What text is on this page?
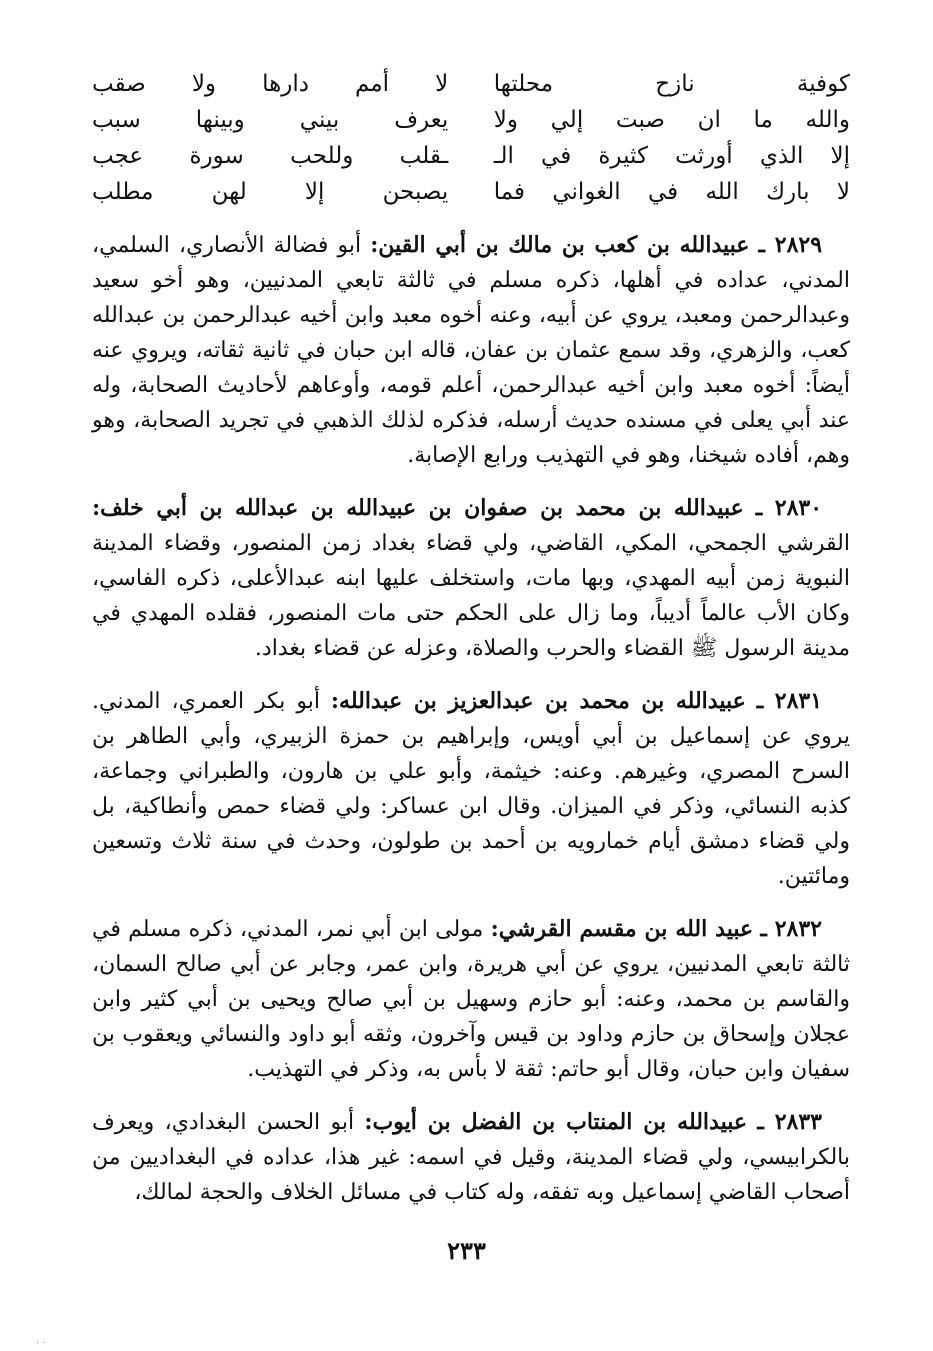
كوفية نازح محلتها
لا أمم دارها ولا صقب
والله ما ان صبت إلي ولا
يعرف بيني وبينها سبب
إلا الذي أورثت كثيرة في الـ
ـقلب وللحب سورة عجب
لا بارك الله في الغواني فما
يصبحن إلا لهن مطلب

٢٨٢٩ ـ عبيدالله بن كعب بن مالك بن أبي القين: أبو فضالة الأنصاري، السلمي، المدني، عداده في أهلها، ذكره مسلم في ثالثة تابعي المدنيين، وهو أخو سعيد وعبدالرحمن ومعبد، يروي عن أبيه، وعنه أخوه معبد وابن أخيه عبدالرحمن بن عبدالله كعب، والزهري، وقد سمع عثمان بن عفان، قاله ابن حبان في ثانية ثقاته، ويروي عنه أيضاً: أخوه معبد وابن أخيه عبدالرحمن، أعلم قومه، وأوعاهم لأحاديث الصحابة، وله عند أبي يعلى في مسنده حديث أرسله، فذكره لذلك الذهبي في تجريد الصحابة، وهو وهم، أفاده شيخنا، وهو في التهذيب ورابع الإصابة.

٢٨٣٠ ـ عبيدالله بن محمد بن صفوان بن عبيدالله بن عبدالله بن أبي خلف: القرشي الجمحي، المكي، القاضي، ولي قضاء بغداد زمن المنصور، وقضاء المدينة النبوية زمن أبيه المهدي، وبها مات، واستخلف عليها ابنه عبدالأعلى، ذكره الفاسي، وكان الأب عالماً أديباً، وما زال على الحكم حتى مات المنصور، فقلده المهدي في مدينة الرسول ﷺ القضاء والحرب والصلاة، وعزله عن قضاء بغداد.

٢٨٣١ ـ عبيدالله بن محمد بن عبدالعزيز بن عبدالله: أبو بكر العمري، المدني. يروي عن إسماعيل بن أبي أويس، وإبراهيم بن حمزة الزبيري، وأبي الطاهر بن السرح المصري، وغيرهم. وعنه: خيثمة، وأبو علي بن هارون، والطبراني وجماعة، كذبه النسائي، وذكر في الميزان. وقال ابن عساكر: ولي قضاء حمص وأنطاكية، بل ولي قضاء دمشق أيام خمارويه بن أحمد بن طولون، وحدث في سنة ثلاث وتسعين ومائتين.

٢٨٣٢ ـ عبيد الله بن مقسم القرشي: مولى ابن أبي نمر، المدني، ذكره مسلم في ثالثة تابعي المدنيين، يروي عن أبي هريرة، وابن عمر، وجابر عن أبي صالح السمان، والقاسم بن محمد، وعنه: أبو حازم وسهيل بن أبي صالح ويحيى بن أبي كثير وابن عجلان وإسحاق بن حازم وداود بن قيس وآخرون، وثقه أبو داود والنسائي ويعقوب بن سفيان وابن حبان، وقال أبو حاتم: ثقة لا بأس به، وذكر في التهذيب.

٢٨٣٣ ـ عبيدالله بن المنتاب بن الفضل بن أيوب: أبو الحسن البغدادي، ويعرف بالكرابيسي، ولي قضاء المدينة، وقيل في اسمه: غير هذا، عداده في البغداديين من أصحاب القاضي إسماعيل وبه تفقه، وله كتاب في مسائل الخلاف والحجة لمالك،

٢٣٣
· ·
